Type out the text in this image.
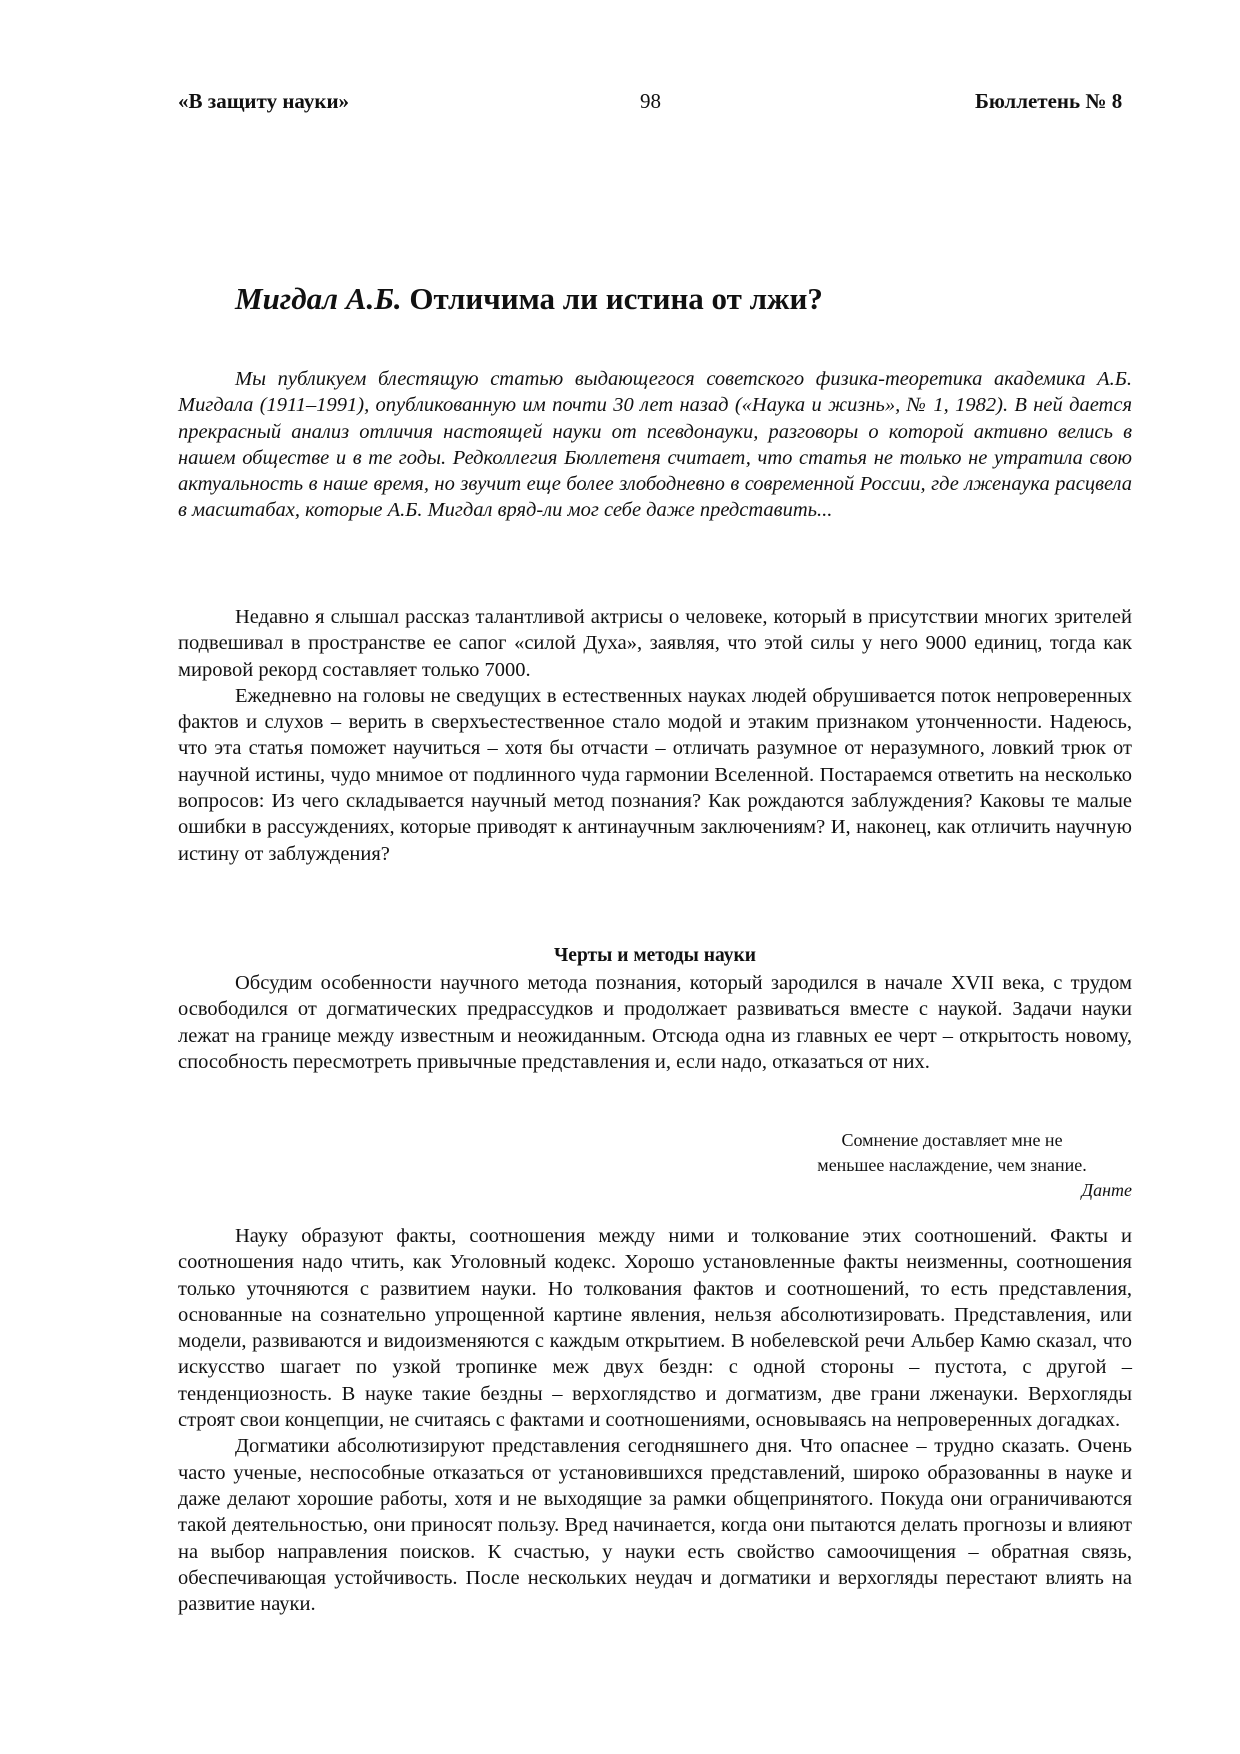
«В защиту науки»	98	Бюллетень № 8
Мигдал А.Б. Отличима ли истина от лжи?

Мы публикуем блестящую статью выдающегося советского физика-теоретика академика А.Б. Мигдала (1911–1991), опубликованную им почти 30 лет назад («Наука и жизнь», № 1, 1982). В ней дается прекрасный анализ отличия настоящей науки от псевдонауки, разговоры о которой активно велись в нашем обществе и в те годы. Редколлегия Бюллетеня считает, что статья не только не утратила свою актуальность в наше время, но звучит еще более злободневно в современной России, где лженаука расцвела в масштабах, которые А.Б. Мигдал вряд-ли мог себе даже представить...

Недавно я слышал рассказ талантливой актрисы о человеке, который в присутствии многих зрителей подвешивал в пространстве ее сапог «силой Духа», заявляя, что этой силы у него 9000 единиц, тогда как мировой рекорд составляет только 7000.

Ежедневно на головы не сведущих в естественных науках людей обрушивается поток непроверенных фактов и слухов – верить в сверхъестественное стало модой и этаким признаком утонченности. Надеюсь, что эта статья поможет научиться – хотя бы отчасти – отличать разумное от неразумного, ловкий трюк от научной истины, чудо мнимое от подлинного чуда гармонии Вселенной. Постараемся ответить на несколько вопросов: Из чего складывается научный метод познания? Как рождаются заблуждения? Каковы те малые ошибки в рассуждениях, которые приводят к антинаучным заключениям? И, наконец, как отличить научную истину от заблуждения?

Черты и методы науки

Обсудим особенности научного метода познания, который зародился в начале XVII века, с трудом освободился от догматических предрассудков и продолжает развиваться вместе с наукой. Задачи науки лежат на границе между известным и неожиданным. Отсюда одна из главных ее черт – открытость новому, способность пересмотреть привычные представления и, если надо, отказаться от них.

Сомнение доставляет мне не
меньшее наслаждение, чем знание.
Данте

Науку образуют факты, соотношения между ними и толкование этих соотношений. Факты и соотношения надо чтить, как Уголовный кодекс. Хорошо установленные факты неизменны, соотношения только уточняются с развитием науки. Но толкования фактов и соотношений, то есть представления, основанные на сознательно упрощенной картине явления, нельзя абсолютизировать. Представления, или модели, развиваются и видоизменяются с каждым открытием. В нобелевской речи Альбер Камю сказал, что искусство шагает по узкой тропинке меж двух бездн: с одной стороны – пустота, с другой – тенденциозность. В науке такие бездны – верхоглядство и догматизм, две грани лженауки. Верхогляды строят свои концепции, не считаясь с фактами и соотношениями, основываясь на непроверенных догадках.

Догматики абсолютизируют представления сегодняшнего дня. Что опаснее – трудно сказать. Очень часто ученые, неспособные отказаться от установившихся представлений, широко образованны в науке и даже делают хорошие работы, хотя и не выходящие за рамки общепринятого. Покуда они ограничиваются такой деятельностью, они приносят пользу. Вред начинается, когда они пытаются делать прогнозы и влияют на выбор направления поисков. К счастью, у науки есть свойство самоочищения – обратная связь, обеспечивающая устойчивость. После нескольких неудач и догматики и верхогляды перестают влиять на развитие науки.
